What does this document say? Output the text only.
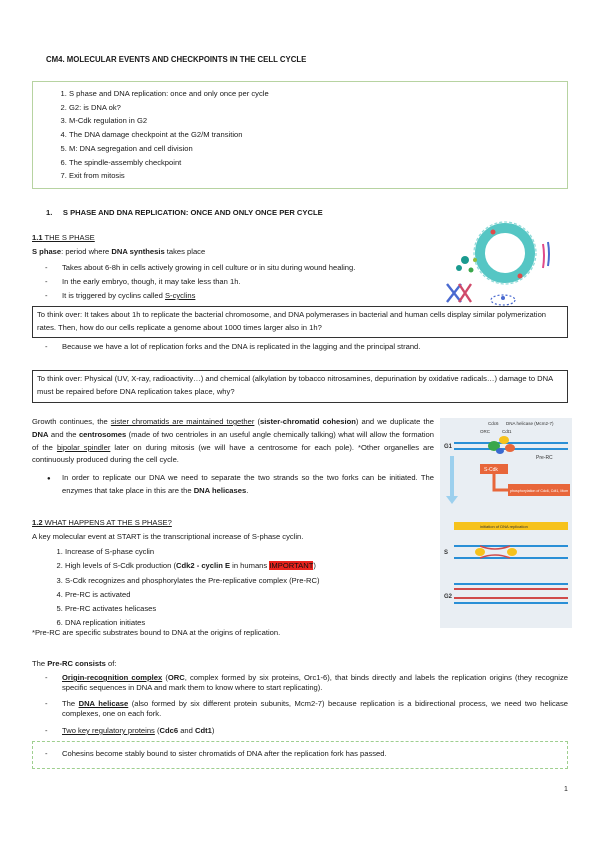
CM4. MOLECULAR EVENTS AND CHECKPOINTS IN THE CELL CYCLE
1. S phase and DNA replication: once and only once per cycle
2. G2: is DNA ok?
3. M-Cdk regulation in G2
4. The DNA damage checkpoint at the G2/M transition
5. M: DNA segregation and cell division
6. The spindle-assembly checkpoint
7. Exit from mitosis
1. S PHASE AND DNA REPLICATION: ONCE AND ONLY ONCE PER CYCLE
1.1 THE S PHASE
S phase: period where DNA synthesis takes place
- Takes about 6-8h in cells actively growing in cell culture or in situ during wound healing.
- In the early embryo, though, it may take less than 1h.
- It is triggered by cyclins called S-cyclins
To think over: It takes about 1h to replicate the bacterial chromosome, and DNA polymerases in bacterial and human cells display similar polymerization rates. Then, how do our cells replicate a genome about 1000 times larger also in 1h?
- Because we have a lot of replication forks and the DNA is replicated in the lagging and the principal strand.
To think over: Physical (UV, X-ray, radioactivity…) and chemical (alkylation by tobacco nitrosamines, depurination by oxidative radicals…) damage to DNA must be repaired before DNA replication takes place, why?
Growth continues, the sister chromatids are maintained together (sister-chromatid cohesion) and we duplicate the DNA and the centrosomes (made of two centrioles in an useful angle chemically talking) what will allow the formation of the bipolar spindler later on during mitosis (we will have a centrosome for each pole). *Other organelles are continuously produced during the cell cycle.
● In order to replicate our DNA we need to separate the two strands so the two forks can be initiated. The enzymes that take place in this are the DNA helicases.
Cdc6 DNA helicase (Mcm2-7)
ORC	Cdt1
G1
Pre-RC
S-Cdk
phosphorylation of Cdc6, Cdt1, Mcm
initiation of DNA replication
S
G2
1.2 WHAT HAPPENS AT THE S PHASE?
A key molecular event at START is the transcriptional increase of S-phase cyclin.
1. Increase of S-phase cyclin
2. High levels of S-Cdk production (Cdk2 - cyclin E in humans IMPORTANT)
3. S-Cdk recognizes and phosphorylates the Pre-replicative complex (Pre-RC)
4. Pre-RC is activated
5. Pre-RC activates helicases
6. DNA replication initiates
*Pre-RC are specific substrates bound to DNA at the origins of replication.
The Pre-RC consists of:
- Origin-recognition complex (ORC, complex formed by six proteins, Orc1-6), that binds directly and labels the replication origins (they recognize specific sequences in DNA and mark them to know where to start replicating).
- The DNA helicase (also formed by six different protein subunits, Mcm2-7) because replication is a bidirectional process, we need two helicase complexes, one on each fork.
- Two key regulatory proteins (Cdc6 and Cdt1)
- Cohesins become stably bound to sister chromatids of DNA after the replication fork has passed.
1
